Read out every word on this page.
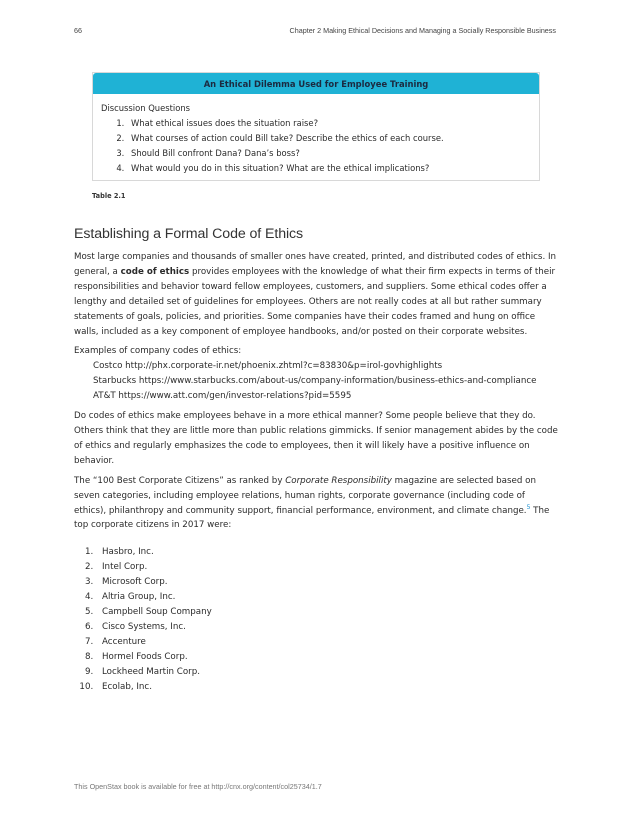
66	Chapter 2 Making Ethical Decisions and Managing a Socially Responsible Business
An Ethical Dilemma Used for Employee Training
Discussion Questions
1. What ethical issues does the situation raise?
2. What courses of action could Bill take? Describe the ethics of each course.
3. Should Bill confront Dana? Dana’s boss?
4. What would you do in this situation? What are the ethical implications?
Table 2.1
Establishing a Formal Code of Ethics

Most large companies and thousands of smaller ones have created, printed, and distributed codes of ethics. In general, a code of ethics provides employees with the knowledge of what their firm expects in terms of their responsibilities and behavior toward fellow employees, customers, and suppliers. Some ethical codes offer a lengthy and detailed set of guidelines for employees. Others are not really codes at all but rather summary statements of goals, policies, and priorities. Some companies have their codes framed and hung on office walls, included as a key component of employee handbooks, and/or posted on their corporate websites.

Examples of company codes of ethics:
Costco http://phx.corporate-ir.net/phoenix.zhtml?c=83830&p=irol-govhighlights
Starbucks https://www.starbucks.com/about-us/company-information/business-ethics-and-compliance
AT&T https://www.att.com/gen/investor-relations?pid=5595

Do codes of ethics make employees behave in a more ethical manner? Some people believe that they do. Others think that they are little more than public relations gimmicks. If senior management abides by the code of ethics and regularly emphasizes the code to employees, then it will likely have a positive influence on behavior.

The “100 Best Corporate Citizens” as ranked by Corporate Responsibility magazine are selected based on seven categories, including employee relations, human rights, corporate governance (including code of ethics), philanthropy and community support, financial performance, environment, and climate change.$^5$ The top corporate citizens in 2017 were:

1. Hasbro, Inc.
2. Intel Corp.
3. Microsoft Corp.
4. Altria Group, Inc.
5. Campbell Soup Company
6. Cisco Systems, Inc.
7. Accenture
8. Hormel Foods Corp.
9. Lockheed Martin Corp.
10. Ecolab, Inc.
This OpenStax book is available for free at http://cnx.org/content/col25734/1.7
